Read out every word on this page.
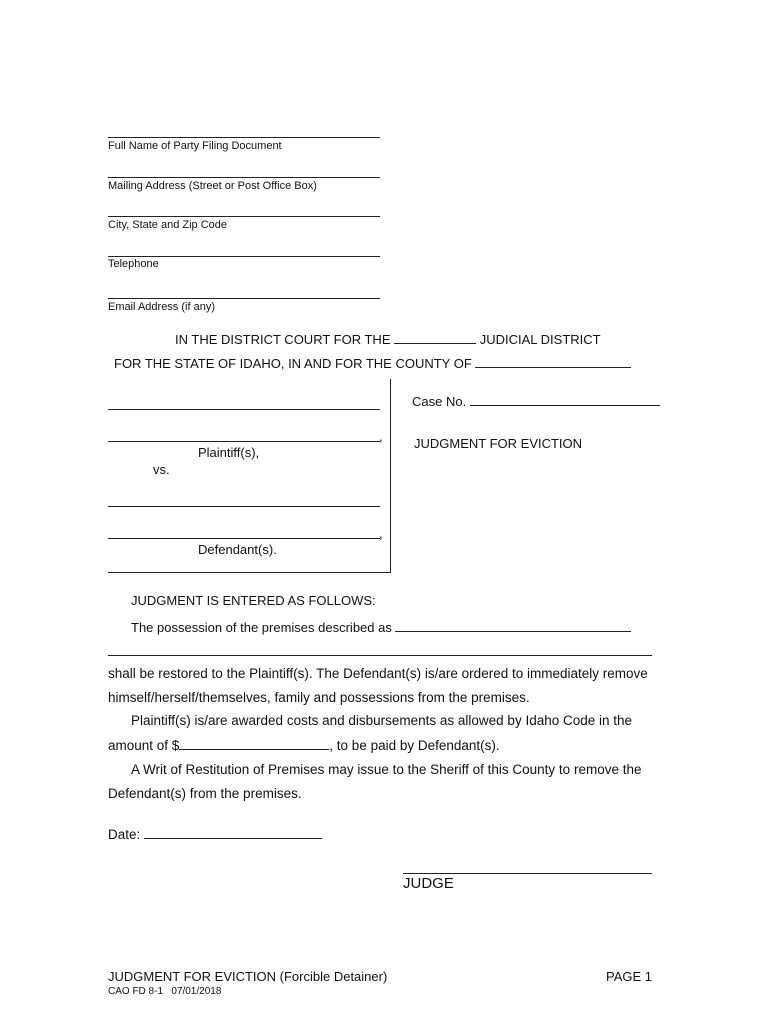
Full Name of Party Filing Document
Mailing Address (Street or Post Office Box)
City, State and Zip Code
Telephone
Email Address (if any)
IN THE DISTRICT COURT FOR THE	JUDICIAL DISTRICT
FOR THE STATE OF IDAHO, IN AND FOR THE COUNTY OF
,
Plaintiff(s),
vs.
,
Defendant(s).
Case No.
JUDGMENT FOR EVICTION
JUDGMENT IS ENTERED AS FOLLOWS:
The possession of the premises described as
shall be restored to the Plaintiff(s). The Defendant(s) is/are ordered to immediately remove
himself/herself/themselves, family and possessions from the premises.
Plaintiff(s) is/are awarded costs and disbursements as allowed by Idaho Code in the
amount of $	, to be paid by Defendant(s).
A Writ of Restitution of Premises may issue to the Sheriff of this County to remove the
Defendant(s) from the premises.
Date:
JUDGE
JUDGMENT FOR EVICTION (Forcible Detainer)	PAGE 1
CAO FD 8-1   07/01/2018
